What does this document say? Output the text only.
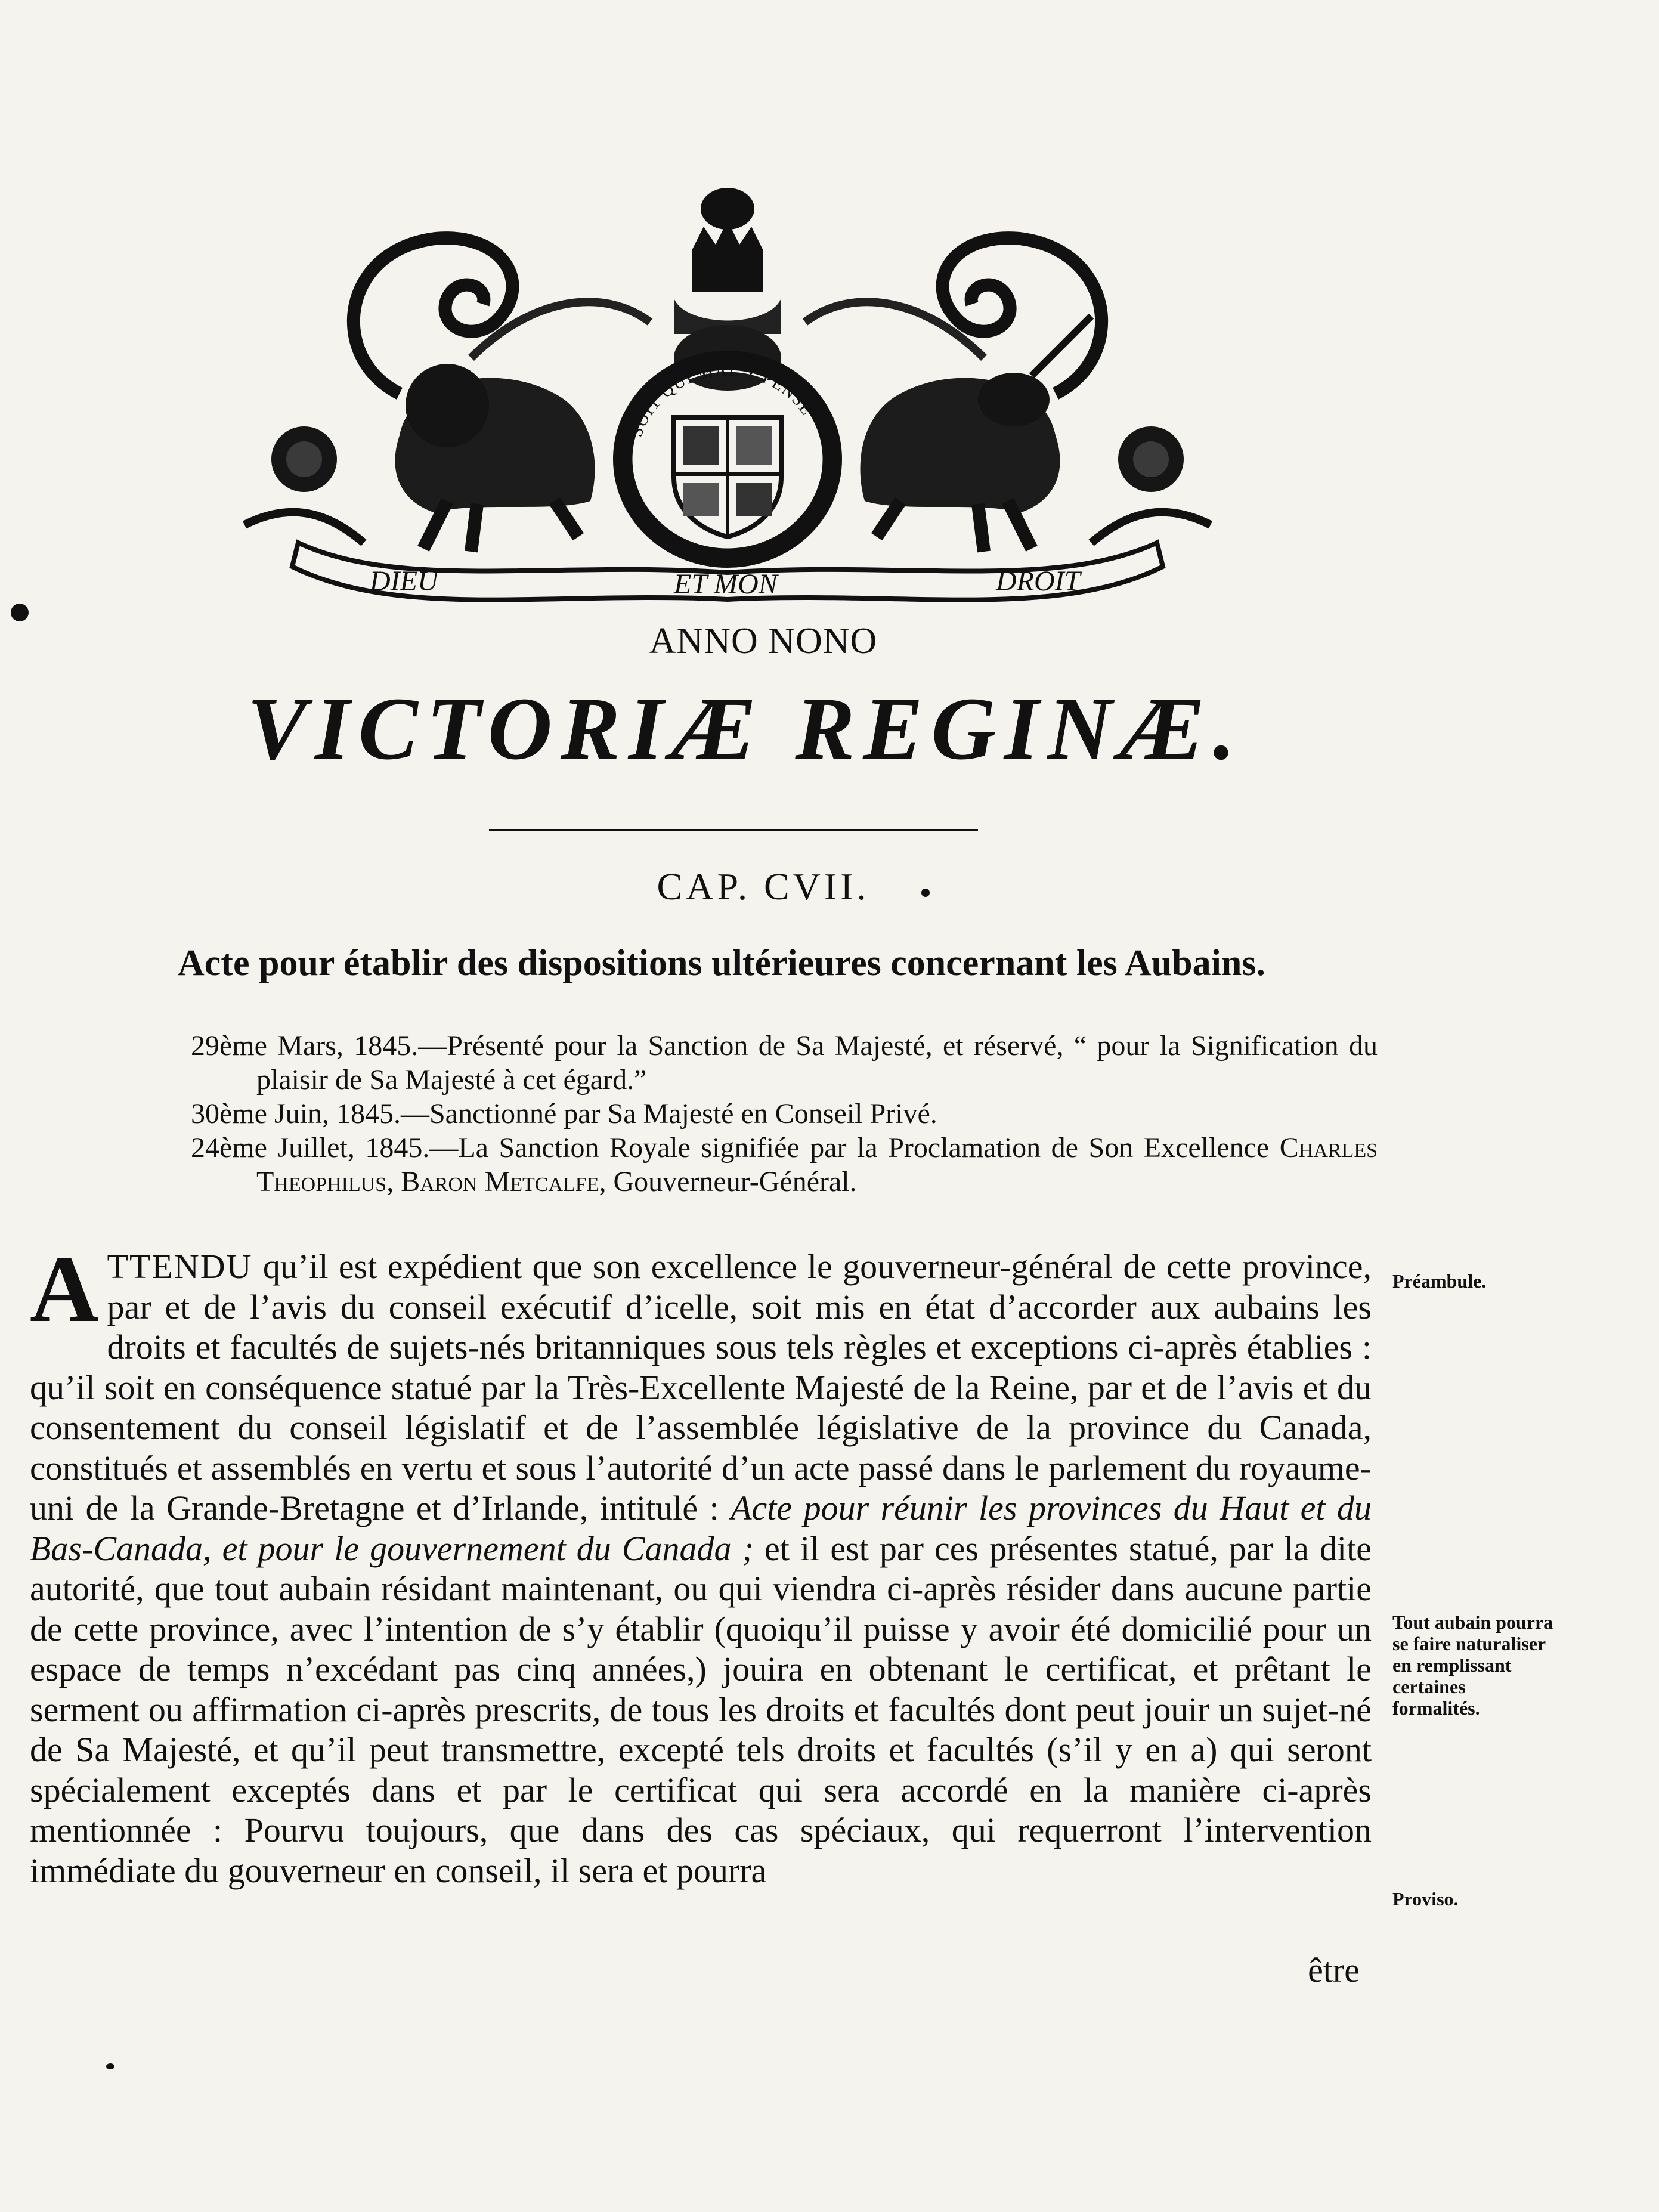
SOIT QUI MAL Y PENSE
DIEU	ET MON	DROIT
ANNO NONO
VICTORIÆ REGINÆ.
CAP. CVII.
Acte pour établir des dispositions ultérieures concernant les Aubains.
29ème Mars, 1845.—Présenté pour la Sanction de Sa Majesté, et réservé, “ pour la Signification du plaisir de Sa Majesté à cet égard.”
30ème Juin, 1845.—Sanctionné par Sa Majesté en Conseil Privé.
24ème Juillet, 1845.—La Sanction Royale signifiée par la Proclamation de Son Excellence Charles Theophilus, Baron Metcalfe, Gouverneur-Général.

ATTENDU qu’il est expédient que son excellence le gouverneur-général de cette province, par et de l’avis du conseil exécutif d’icelle, soit mis en état d’accorder aux aubains les droits et facultés de sujets-nés britanniques sous tels règles et exceptions ci-après établies : qu’il soit en conséquence statué par la Très-Excellente Majesté de la Reine, par et de l’avis et du consentement du conseil législatif et de l’assemblée législative de la province du Canada, constitués et assemblés en vertu et sous l’autorité d’un acte passé dans le parlement du royaume-uni de la Grande-Bretagne et d’Irlande, intitulé : Acte pour réunir les provinces du Haut et du Bas-Canada, et pour le gouvernement du Canada ; et il est par ces présentes statué, par la dite autorité, que tout aubain résidant maintenant, ou qui viendra ci-après résider dans aucune partie de cette province, avec l’intention de s’y établir (quoiqu’il puisse y avoir été domicilié pour un espace de temps n’excédant pas cinq années,) jouira en obtenant le certificat, et prêtant le serment ou affirmation ci-après prescrits, de tous les droits et facultés dont peut jouir un sujet-né de Sa Majesté, et qu’il peut transmettre, excepté tels droits et facultés (s’il y en a) qui seront spécialement exceptés dans et par le certificat qui sera accordé en la manière ci-après mentionnée : Pourvu toujours, que dans des cas spéciaux, qui requerront l’intervention immédiate du gouverneur en conseil, il sera et pourra

être
Préambule.
Tout aubain pourra se faire naturaliser en remplissant certaines formalités.
Proviso.
